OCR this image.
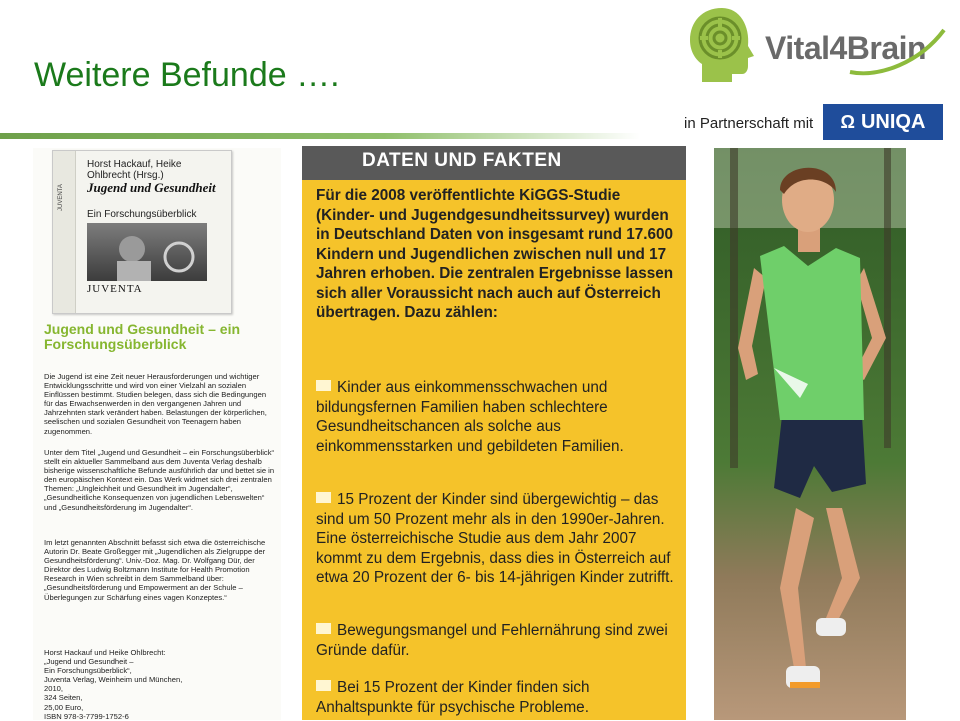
Weitere Befunde ….
Vital4Brain
in Partnerschaft mit Ω UNIQA
JUVENTA
Horst Hackauf, Heike Ohlbrecht (Hrsg.)
Jugend und Gesundheit
Ein Forschungsüberblick
JUVENTA
Jugend und Gesundheit – ein Forschungsüberblick
Die Jugend ist eine Zeit neuer Herausforderungen und wichtiger Entwicklungsschritte und wird von einer Vielzahl an sozialen Einflüssen bestimmt. Studien belegen, dass sich die Bedingungen für das Erwachsenwerden in den vergangenen Jahren und Jahrzehnten stark verändert haben. Belastungen der körperlichen, seelischen und sozialen Gesundheit von Teenagern haben zugenommen.
Unter dem Titel „Jugend und Gesundheit – ein Forschungsüberblick“ stellt ein aktueller Sammelband aus dem Juventa Verlag deshalb bisherige wissenschaftliche Befunde ausführlich dar und bettet sie in den europäischen Kontext ein. Das Werk widmet sich drei zentralen Themen: „Ungleichheit und Gesundheit im Jugendalter“, „Gesundheitliche Konsequenzen von jugendlichen Lebenswelten“ und „Gesundheitsförderung im Jugendalter“.
Im letzt genannten Abschnitt befasst sich etwa die österreichische Autorin Dr. Beate Großegger mit „Jugendlichen als Zielgruppe der Gesundheitsförderung“. Univ.-Doz. Mag. Dr. Wolfgang Dür, der Direktor des Ludwig Boltzmann Institute for Health Promotion Research in Wien schreibt in dem Sammelband über: „Gesundheitsförderung und Empowerment an der Schule – Überlegungen zur Schärfung eines vagen Konzeptes.“
Horst Hackauf und Heike Ohlbrecht:
„Jugend und Gesundheit –
Ein Forschungsüberblick“,
Juventa Verlag, Weinheim und München,
2010,
324 Seiten,
25,00 Euro,
ISBN 978-3-7799-1752-6
DATEN UND FAKTEN
Für die 2008 veröffentlichte KiGGS-Studie (Kinder- und Jugendgesundheitssurvey) wurden in Deutschland Daten von insgesamt rund 17.600 Kindern und Jugendlichen zwischen null und 17 Jahren erhoben. Die zentralen Ergebnisse lassen sich aller Voraussicht nach auch auf Österreich übertragen. Dazu zählen:
Kinder aus einkommensschwachen und bildungsfernen Familien haben schlechtere Gesundheitschancen als solche aus einkommensstarken und gebildeten Familien.
15 Prozent der Kinder sind übergewichtig – das sind um 50 Prozent mehr als in den 1990er-Jahren. Eine österreichische Studie aus dem Jahr 2007 kommt zu dem Ergebnis, dass dies in Österreich auf etwa 20 Prozent der 6- bis 14-jährigen Kinder zutrifft.
Bewegungsmangel und Fehlernährung sind zwei Gründe dafür.
Bei 15 Prozent der Kinder finden sich Anhaltspunkte für psychische Probleme.
